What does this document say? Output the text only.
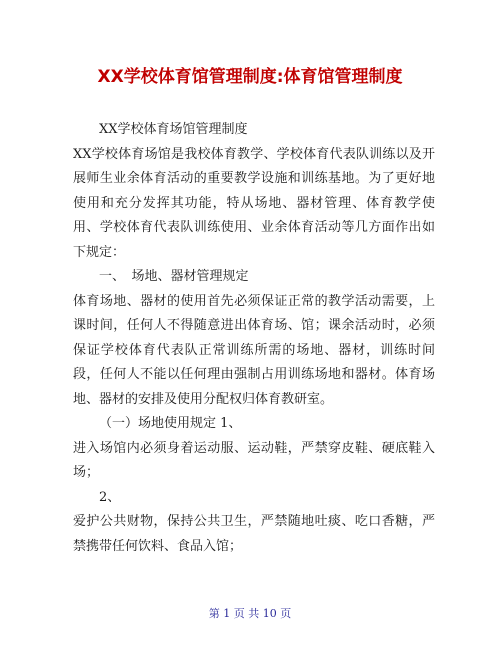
XX学校体育馆管理制度:体育馆管理制度

XX学校体育场馆管理制度

XX学校体育场馆是我校体育教学、学校体育代表队训练以及开展师生业余体育活动的重要教学设施和训练基地。为了更好地使用和充分发挥其功能，特从场地、器材管理、体育教学使用、学校体育代表队训练使用、业余体育活动等几方面作出如下规定：

一、　场地、器材管理规定

体育场地、器材的使用首先必须保证正常的教学活动需要，上课时间，任何人不得随意进出体育场、馆；课余活动时，必须保证学校体育代表队正常训练所需的场地、器材，训练时间段，任何人不能以任何理由强制占用训练场地和器材。体育场地、器材的安排及使用分配权归体育教研室。

（一）场地使用规定 1、

进入场馆内必须身着运动服、运动鞋，严禁穿皮鞋、硬底鞋入场；

2、

爱护公共财物，保持公共卫生，严禁随地吐痰、吃口香糖，严禁携带任何饮料、食品入馆；

第 1 页 共 10 页
